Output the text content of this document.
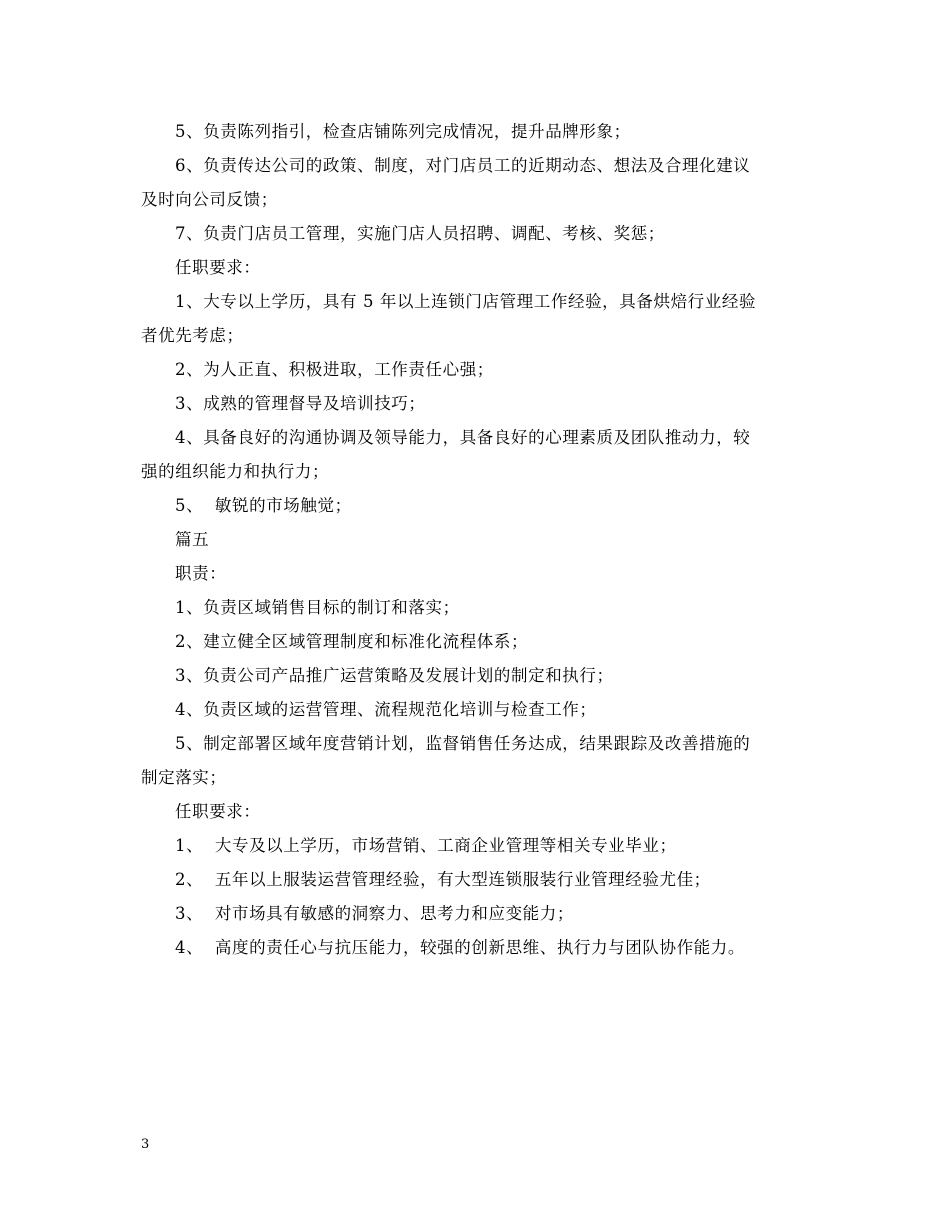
5、负责陈列指引，检查店铺陈列完成情况，提升品牌形象；
6、负责传达公司的政策、制度，对门店员工的近期动态、想法及合理化建议
及时向公司反馈；
7、负责门店员工管理，实施门店人员招聘、调配、考核、奖惩；
任职要求：
1、大专以上学历，具有 5 年以上连锁门店管理工作经验，具备烘焙行业经验
者优先考虑；
2、为人正直、积极进取，工作责任心强；
3、成熟的管理督导及培训技巧；
4、具备良好的沟通协调及领导能力，具备良好的心理素质及团队推动力，较
强的组织能力和执行力；
5、  敏锐的市场触觉；
篇五
职责：
1、负责区域销售目标的制订和落实；
2、建立健全区域管理制度和标准化流程体系；
3、负责公司产品推广运营策略及发展计划的制定和执行；
4、负责区域的运营管理、流程规范化培训与检查工作；
5、制定部署区域年度营销计划，监督销售任务达成，结果跟踪及改善措施的
制定落实；
任职要求：
1、  大专及以上学历，市场营销、工商企业管理等相关专业毕业；
2、  五年以上服装运营管理经验，有大型连锁服装行业管理经验尤佳；
3、  对市场具有敏感的洞察力、思考力和应变能力；
4、  高度的责任心与抗压能力，较强的创新思维、执行力与团队协作能力。
3
